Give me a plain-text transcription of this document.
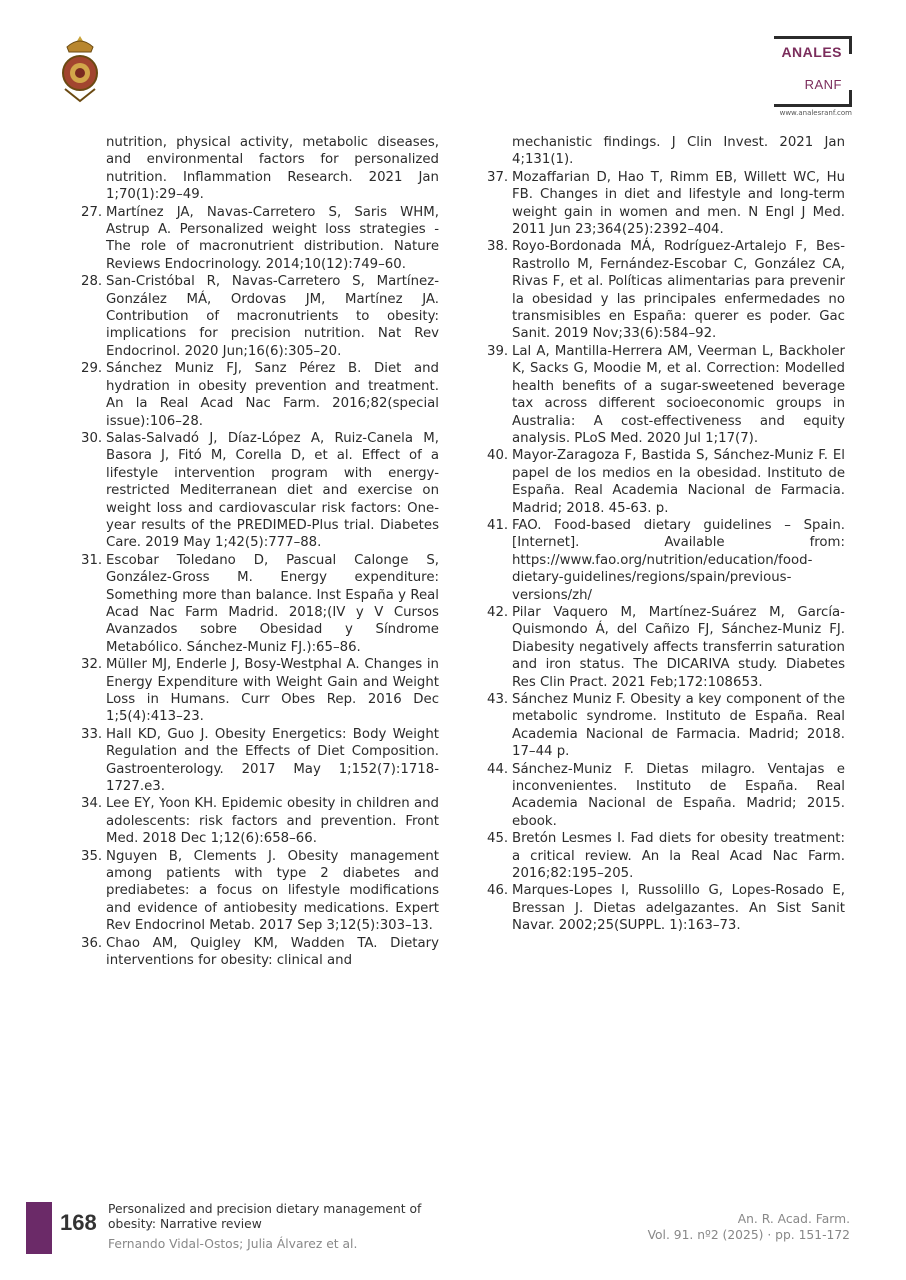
ANALES
RANF
www.analesranf.com
nutrition, physical activity, metabolic diseases, and environmental factors for personalized nutrition. Inflammation Research. 2021 Jan 1;70(1):29–49.
27. Martínez JA, Navas-Carretero S, Saris WHM, Astrup A. Personalized weight loss strategies - The role of macronutrient distribution. Nature Reviews Endocrinology. 2014;10(12):749–60.
28. San-Cristóbal R, Navas-Carretero S, Martínez-González MÁ, Ordovas JM, Martínez JA. Contribution of macronutrients to obesity: implications for precision nutrition. Nat Rev Endocrinol. 2020 Jun;16(6):305–20.
29. Sánchez Muniz FJ, Sanz Pérez B. Diet and hydration in obesity prevention and treatment. An la Real Acad Nac Farm. 2016;82(special issue):106–28.
30. Salas-Salvadó J, Díaz-López A, Ruiz-Canela M, Basora J, Fitó M, Corella D, et al. Effect of a lifestyle intervention program with energy-restricted Mediterranean diet and exercise on weight loss and cardiovascular risk factors: One-year results of the PREDIMED-Plus trial. Diabetes Care. 2019 May 1;42(5):777–88.
31. Escobar Toledano D, Pascual Calonge S, González-Gross M. Energy expenditure: Something more than balance. Inst España y Real Acad Nac Farm Madrid. 2018;(IV y V Cursos Avanzados sobre Obesidad y Síndrome Metabólico. Sánchez-Muniz FJ.):65–86.
32. Müller MJ, Enderle J, Bosy-Westphal A. Changes in Energy Expenditure with Weight Gain and Weight Loss in Humans. Curr Obes Rep. 2016 Dec 1;5(4):413–23.
33. Hall KD, Guo J. Obesity Energetics: Body Weight Regulation and the Effects of Diet Composition. Gastroenterology. 2017 May 1;152(7):1718-1727.e3.
34. Lee EY, Yoon KH. Epidemic obesity in children and adolescents: risk factors and prevention. Front Med. 2018 Dec 1;12(6):658–66.
35. Nguyen B, Clements J. Obesity management among patients with type 2 diabetes and prediabetes: a focus on lifestyle modifications and evidence of antiobesity medications. Expert Rev Endocrinol Metab. 2017 Sep 3;12(5):303–13.
36. Chao AM, Quigley KM, Wadden TA. Dietary interventions for obesity: clinical and
mechanistic findings. J Clin Invest. 2021 Jan 4;131(1).
37. Mozaffarian D, Hao T, Rimm EB, Willett WC, Hu FB. Changes in diet and lifestyle and long-term weight gain in women and men. N Engl J Med. 2011 Jun 23;364(25):2392–404.
38. Royo-Bordonada MÁ, Rodríguez-Artalejo F, Bes-Rastrollo M, Fernández-Escobar C, González CA, Rivas F, et al. Políticas alimentarias para prevenir la obesidad y las principales enfermedades no transmisibles en España: querer es poder. Gac Sanit. 2019 Nov;33(6):584–92.
39. Lal A, Mantilla-Herrera AM, Veerman L, Backholer K, Sacks G, Moodie M, et al. Correction: Modelled health benefits of a sugar-sweetened beverage tax across different socioeconomic groups in Australia: A cost-effectiveness and equity analysis. PLoS Med. 2020 Jul 1;17(7).
40. Mayor-Zaragoza F, Bastida S, Sánchez-Muniz F. El papel de los medios en la obesidad. Instituto de España. Real Academia Nacional de Farmacia. Madrid; 2018. 45-63. p.
41. FAO. Food-based dietary guidelines – Spain. [Internet]. Available from: https://www.fao.org/nutrition/education/food-dietary-guidelines/regions/spain/previous-versions/zh/
42. Pilar Vaquero M, Martínez-Suárez M, García-Quismondo Á, del Cañizo FJ, Sánchez-Muniz FJ. Diabesity negatively affects transferrin saturation and iron status. The DICARIVA study. Diabetes Res Clin Pract. 2021 Feb;172:108653.
43. Sánchez Muniz F. Obesity a key component of the metabolic syndrome. Instituto de España. Real Academia Nacional de Farmacia. Madrid; 2018. 17–44 p.
44. Sánchez-Muniz F. Dietas milagro. Ventajas e inconvenientes. Instituto de España. Real Academia Nacional de España. Madrid; 2015. ebook.
45. Bretón Lesmes I. Fad diets for obesity treatment: a critical review. An la Real Acad Nac Farm. 2016;82:195–205.
46. Marques-Lopes I, Russolillo G, Lopes-Rosado E, Bressan J. Dietas adelgazantes. An Sist Sanit Navar. 2002;25(SUPPL. 1):163–73.
168
Personalized and precision dietary management of obesity: Narrative review
Fernando Vidal-Ostos; Julia Álvarez et al.
An. R. Acad. Farm.
Vol. 91. nº2 (2025) · pp. 151-172
